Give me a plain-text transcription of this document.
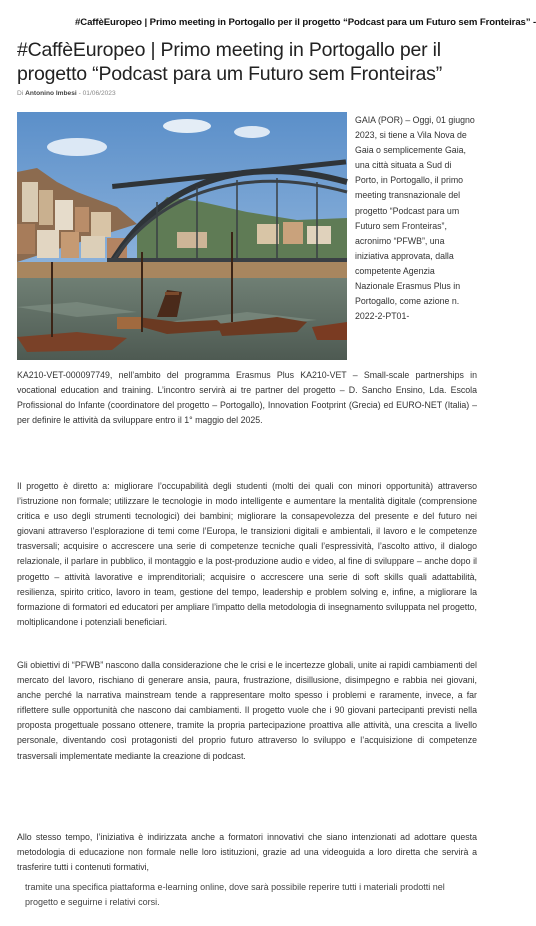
#CaffèEuropeo | Primo meeting in Portogallo per il progetto “Podcast para um Futuro sem Fronteiras” -
#CaffèEuropeo | Primo meeting in Portogallo per il progetto “Podcast para um Futuro sem Fronteiras”
Di Antonino Imbesi - 01/06/2023

GAIA (POR) – Oggi, 01 giugno 2023, si tiene a Vila Nova de Gaia o semplicemente Gaia, una città situata a Sud di Porto, in Portogallo, il primo meeting transnazionale del progetto “Podcast para um Futuro sem Fronteiras”, acronimo “PFWB”, una iniziativa approvata, dalla competente Agenzia Nazionale Erasmus Plus in Portogallo, come azione n. 2022-2-PT01-

KA210-VET-000097749, nell’ambito del programma Erasmus Plus KA210-VET – Small-scale partnerships in vocational education and training. L’incontro servirà ai tre partner del progetto – D. Sancho Ensino, Lda. Escola Profissional do Infante (coordinatore del progetto – Portogallo), Innovation Footprint (Grecia) ed EURO-NET (Italia) – per definire le attività da sviluppare entro il 1° maggio del 2025.

Il progetto è diretto a: migliorare l’occupabilità degli studenti (molti dei quali con minori opportunità) attraverso l’istruzione non formale; utilizzare le tecnologie in modo intelligente e aumentare la mentalità digitale (comprensione critica e uso degli strumenti tecnologici) dei bambini; migliorare la consapevolezza del presente e del futuro nei giovani attraverso l’esplorazione di temi come l’Europa, le transizioni digitali e ambientali, il lavoro e le competenze trasversali; acquisire o accrescere una serie di competenze tecniche quali l’espressività, l’ascolto attivo, il dialogo relazionale, il parlare in pubblico, il montaggio e la post-produzione audio e video, al fine di sviluppare – anche dopo il progetto – attività lavorative e imprenditoriali; acquisire o accrescere una serie di soft skills quali adattabilità, resilienza, spirito critico, lavoro in team, gestione del tempo, leadership e problem solving e, infine, a migliorare la formazione di formatori ed educatori per ampliare l’impatto della metodologia di insegnamento sviluppata nel progetto, moltiplicandone i potenziali beneficiari.

Gli obiettivi di “PFWB” nascono dalla considerazione che le crisi e le incertezze globali, unite ai rapidi cambiamenti del mercato del lavoro, rischiano di generare ansia, paura, frustrazione, disillusione, disimpegno e rabbia nei giovani, anche perché la narrativa mainstream tende a rappresentare molto spesso i problemi e raramente, invece, a far riflettere sulle opportunità che nascono dai cambiamenti. Il progetto vuole che i 90 giovani partecipanti previsti nella proposta progettuale possano ottenere, tramite la propria partecipazione proattiva alle attività, una crescita a livello personale, diventando così protagonisti del proprio futuro attraverso lo sviluppo e l’acquisizione di competenze trasversali implementate mediante la creazione di podcast.

Allo stesso tempo, l’iniziativa è indirizzata anche a formatori innovativi che siano intenzionati ad adottare questa metodologia di educazione non formale nelle loro istituzioni, grazie ad una videoguida a loro diretta che servirà a trasferire tutti i contenuti formativi,

tramite una specifica piattaforma e-learning online, dove sarà possibile reperire tutti i materiali prodotti nel progetto e seguirne i relativi corsi.
